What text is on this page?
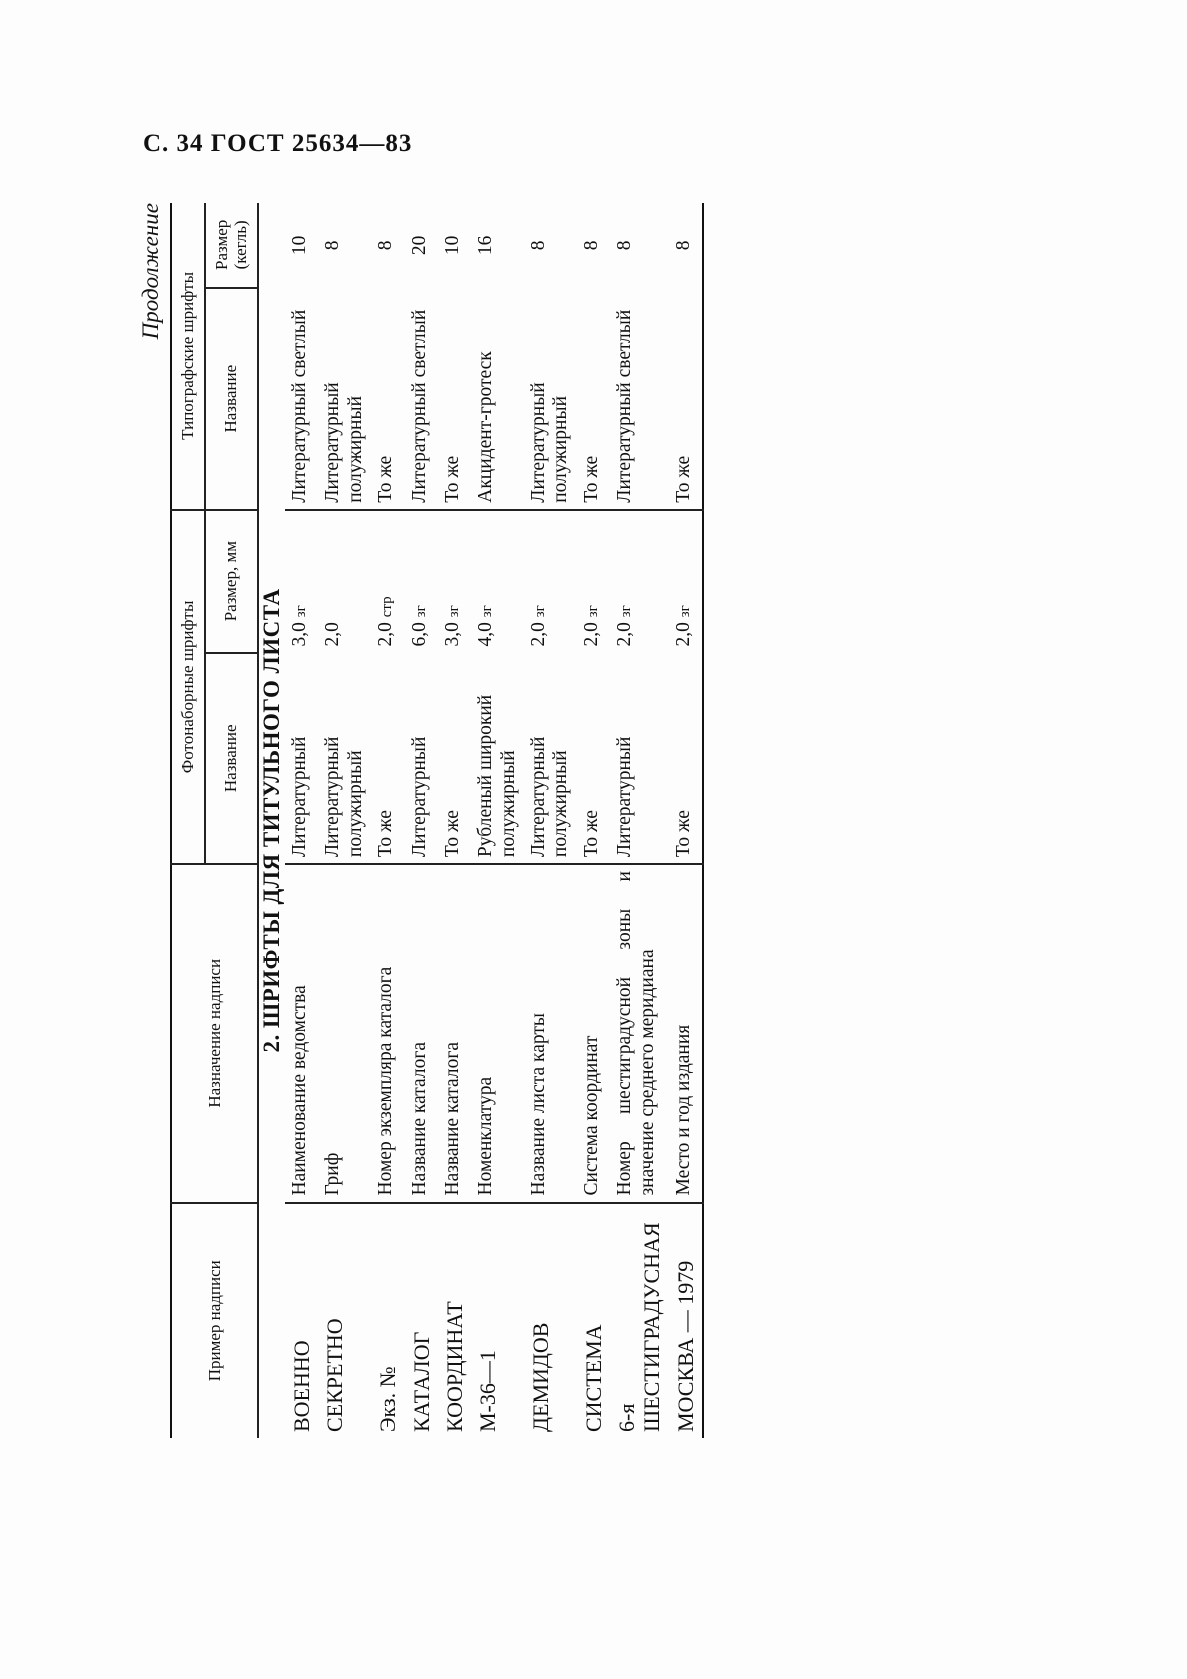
С. 34 ГОСТ 25634—83
Продолжение
Пример надписи	Назначение надписи	Фотонаборные шрифты		Типографские шрифты	
		Название	Размер, мм	Название	Размер (кегль)
2. ШРИФТЫ ДЛЯ ТИТУЛЬНОГО ЛИСТА					
ВОЕННО	Наименование ведомства	Литературный	3,0 зг	Литературный светлый	10
СЕКРЕТНО	Гриф	Литературный полужирный	2,0	Литературный полужирный	8
Экз. №	Номер экземпляра каталога	То же	2,0 стр	То же	8
КАТАЛОГ	Название каталога	Литературный	6,0 зг	Литературный светлый	20
КООРДИНАТ	Название каталога	То же	3,0 зг	То же	10
М-36—1	Номенклатура	Рубленый широкий полужирный	4,0 зг	Акцидент-гротеск	16
ДЕМИДОВ	Название листа карты	Литературный полужирный	2,0 зг	Литературный полужирный	8
СИСТЕМА	Система координат	То же	2,0 зг	То же	8
6-я ШЕСТИГРАДУСНАЯ	Номер шестиградусной зоны и значение среднего меридиана	Литературный	2,0 зг	Литературный светлый	8
МОСКВА — 1979	Место и год издания	То же	2,0 зг	То же	8
